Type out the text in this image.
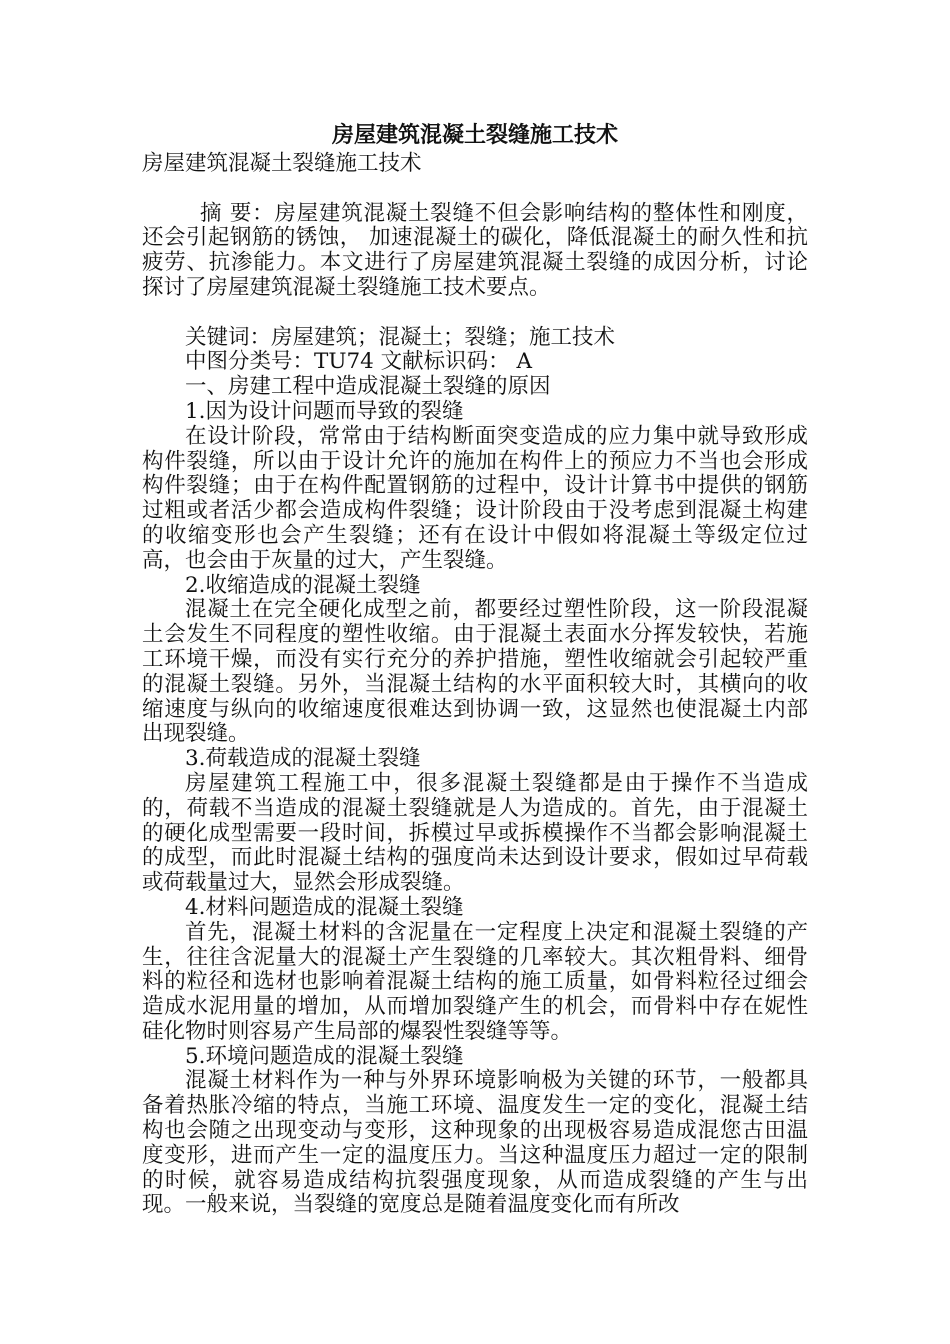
房屋建筑混凝土裂缝施工技术

房屋建筑混凝土裂缝施工技术

摘 要：房屋建筑混凝土裂缝不但会影响结构的整体性和刚度，还会引起钢筋的锈蚀， 加速混凝土的碳化，降低混凝土的耐久性和抗疲劳、抗渗能力。本文进行了房屋建筑混凝土裂缝的成因分析，讨论探讨了房屋建筑混凝土裂缝施工技术要点。

关键词：房屋建筑；混凝土；裂缝；施工技术

中图分类号：TU74 文献标识码： A

一、房建工程中造成混凝土裂缝的原因

1.因为设计问题而导致的裂缝

在设计阶段，常常由于结构断面突变造成的应力集中就导致形成构件裂缝，所以由于设计允许的施加在构件上的预应力不当也会形成构件裂缝；由于在构件配置钢筋的过程中，设计计算书中提供的钢筋过粗或者活少都会造成构件裂缝；设计阶段由于没考虑到混凝土构建的收缩变形也会产生裂缝；还有在设计中假如将混凝土等级定位过高，也会由于灰量的过大，产生裂缝。

2.收缩造成的混凝土裂缝

混凝土在完全硬化成型之前，都要经过塑性阶段，这一阶段混凝土会发生不同程度的塑性收缩。由于混凝土表面水分挥发较快，若施工环境干燥，而没有实行充分的养护措施，塑性收缩就会引起较严重的混凝土裂缝。另外，当混凝土结构的水平面积较大时，其横向的收缩速度与纵向的收缩速度很难达到协调一致，这显然也使混凝土内部出现裂缝。

3.荷载造成的混凝土裂缝

房屋建筑工程施工中，很多混凝土裂缝都是由于操作不当造成的，荷载不当造成的混凝土裂缝就是人为造成的。首先，由于混凝土的硬化成型需要一段时间，拆模过早或拆模操作不当都会影响混凝土的成型，而此时混凝土结构的强度尚未达到设计要求，假如过早荷载或荷载量过大，显然会形成裂缝。

4.材料问题造成的混凝土裂缝

首先，混凝土材料的含泥量在一定程度上决定和混凝土裂缝的产生，往往含泥量大的混凝土产生裂缝的几率较大。其次粗骨料、细骨料的粒径和选材也影响着混凝土结构的施工质量，如骨料粒径过细会造成水泥用量的增加，从而增加裂缝产生的机会，而骨料中存在妮性硅化物时则容易产生局部的爆裂性裂缝等等。

5.环境问题造成的混凝土裂缝

混凝土材料作为一种与外界环境影响极为关键的环节，一般都具备着热胀冷缩的特点，当施工环境、温度发生一定的变化，混凝土结构也会随之出现变动与变形，这种现象的出现极容易造成混您古田温度变形，进而产生一定的温度压力。当这种温度压力超过一定的限制的时候，就容易造成结构抗裂强度现象，从而造成裂缝的产生与出现。一般来说，当裂缝的宽度总是随着温度变化而有所改
